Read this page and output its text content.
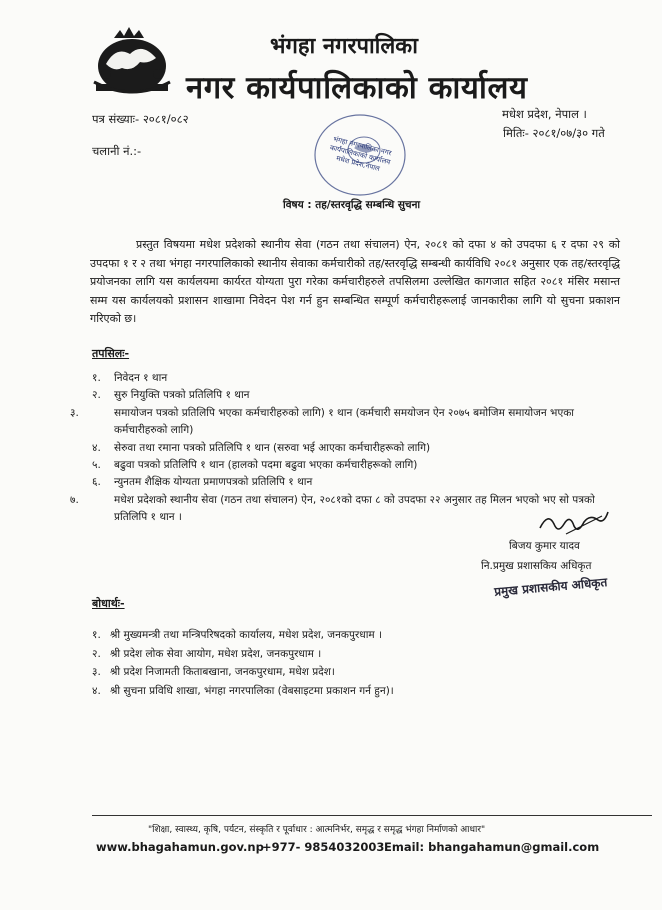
भंगहा नगरपालिका
नगर कार्यपालिकाको कार्यालय
पत्र संख्याः- २०८१/०८२
चलानी नं.:-
मधेश प्रदेश, नेपाल ।
मितिः- २०८१/०७/३० गते
भंगहा नगरपालिका नगर कार्यपालिकाको कार्यालय मधेश प्रदेश,नेपाल
विषय : तह/स्तरवृद्धि सम्बन्धि सुचना
प्रस्तुत विषयमा मधेश प्रदेशको स्थानीय सेवा (गठन तथा संचालन) ऐन, २०८१ को दफा ४ को उपदफा ६ र दफा २९ को उपदफा १ र २ तथा भंगहा नगरपालिकाको स्थानीय सेवाका कर्मचारीको तह/स्तरवृद्धि सम्बन्धी कार्यविधि २०८१ अनुसार एक तह/स्तरवृद्धि प्रयोजनका लागि यस कार्यलयमा कार्यरत योग्यता पुरा गरेका कर्मचारीहरुले तपसिलमा उल्लेखित कागजात सहित २०८१ मंसिर मसान्त सम्म यस कार्यलयको प्रशासन शाखामा निवेदन पेश गर्न हुन सम्बन्धित सम्पूर्ण कर्मचारीहरूलाई जानकारीका लागि यो सुचना प्रकाशन गरिएको छ।
तपसिलः-
१. निवेदन १ थान
२. सुरु नियुक्ति पत्रको प्रतिलिपि १ थान
३.	समायोजन पत्रको प्रतिलिपि भएका कर्मचारीहरुको लागि) १ थान (कर्मचारी समयोजन ऐन २०७५ बमोजिम समायोजन भएका कर्मचारीहरुको लागि)
४. सेरुवा तथा रमाना पत्रको प्रतिलिपि १ थान (सरुवा भई आएका कर्मचारीहरूको लागि)
५. बढुवा पत्रको प्रतिलिपि १ थान (हालको पदमा बढुवा भएका कर्मचारीहरूको लागि)
६. न्युनतम शैक्षिक योग्यता प्रमाणपत्रको प्रतिलिपि १ थान
७.	मधेश प्रदेशको स्थानीय सेवा (गठन तथा संचालन) ऐन, २०८१को दफा ८ को उपदफा २२ अनुसार तह मिलन भएको भए सो पत्रको प्रतिलिपि १ थान ।
बिजय कुमार यादव
नि.प्रमुख प्रशासकिय अधिकृत
प्रमुख प्रशासकीय अधिकृत
बोधार्थः-
१. श्री मुख्यमन्त्री तथा मन्त्रिपरिषदको कार्यालय, मधेश प्रदेश, जनकपुरधाम ।
२. श्री प्रदेश लोक सेवा आयोग, मधेश प्रदेश, जनकपुरधाम ।
३. श्री प्रदेश निजामती किताबखाना, जनकपुरधाम, मधेश प्रदेश।
४. श्री सुचना प्रविधि शाखा, भंगहा नगरपालिका (वेबसाइटमा प्रकाशन गर्न हुन)।
"शिक्षा, स्वास्थ्य, कृषि, पर्यटन, संस्कृति र पूर्वाधार : आत्मनिर्भर, समृद्ध र समृद्ध भंगहा निर्माणको आधार"
www.bhagahamun.gov.np
+977- 9854032003 Email: bhangahamun@gmail.com
